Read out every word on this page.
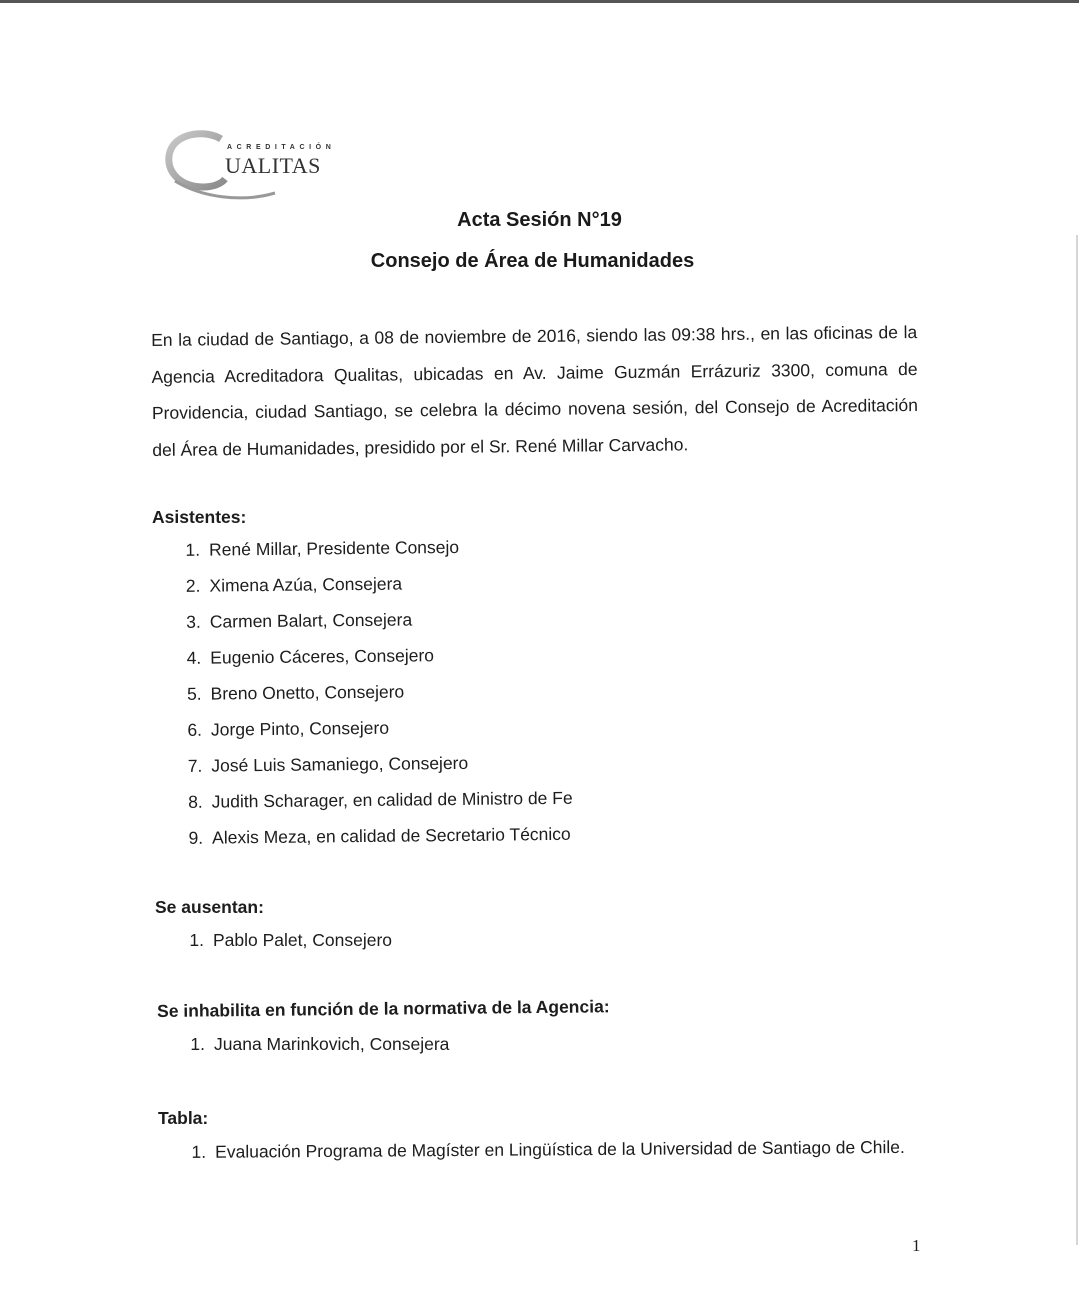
ACREDITACIÓN
UALITAS
Acta Sesión N°19
Consejo de Área de Humanidades

En la ciudad de Santiago, a 08 de noviembre de 2016, siendo las 09:38 hrs., en las oficinas de la Agencia Acreditadora Qualitas, ubicadas en Av. Jaime Guzmán Errázuriz 3300, comuna de Providencia, ciudad Santiago, se celebra la décimo novena sesión, del Consejo de Acreditación del Área de Humanidades, presidido por el Sr. René Millar Carvacho.

Asistentes:
1. René Millar, Presidente Consejo
2. Ximena Azúa, Consejera
3. Carmen Balart, Consejera
4. Eugenio Cáceres, Consejero
5. Breno Onetto, Consejero
6. Jorge Pinto, Consejero
7. José Luis Samaniego, Consejero
8. Judith Scharager, en calidad de Ministro de Fe
9. Alexis Meza, en calidad de Secretario Técnico
Se ausentan:
1. Pablo Palet, Consejero
Se inhabilita en función de la normativa de la Agencia:
1. Juana Marinkovich, Consejera
Tabla:
1. Evaluación Programa de Magíster en Lingüística de la Universidad de Santiago de Chile.
1
